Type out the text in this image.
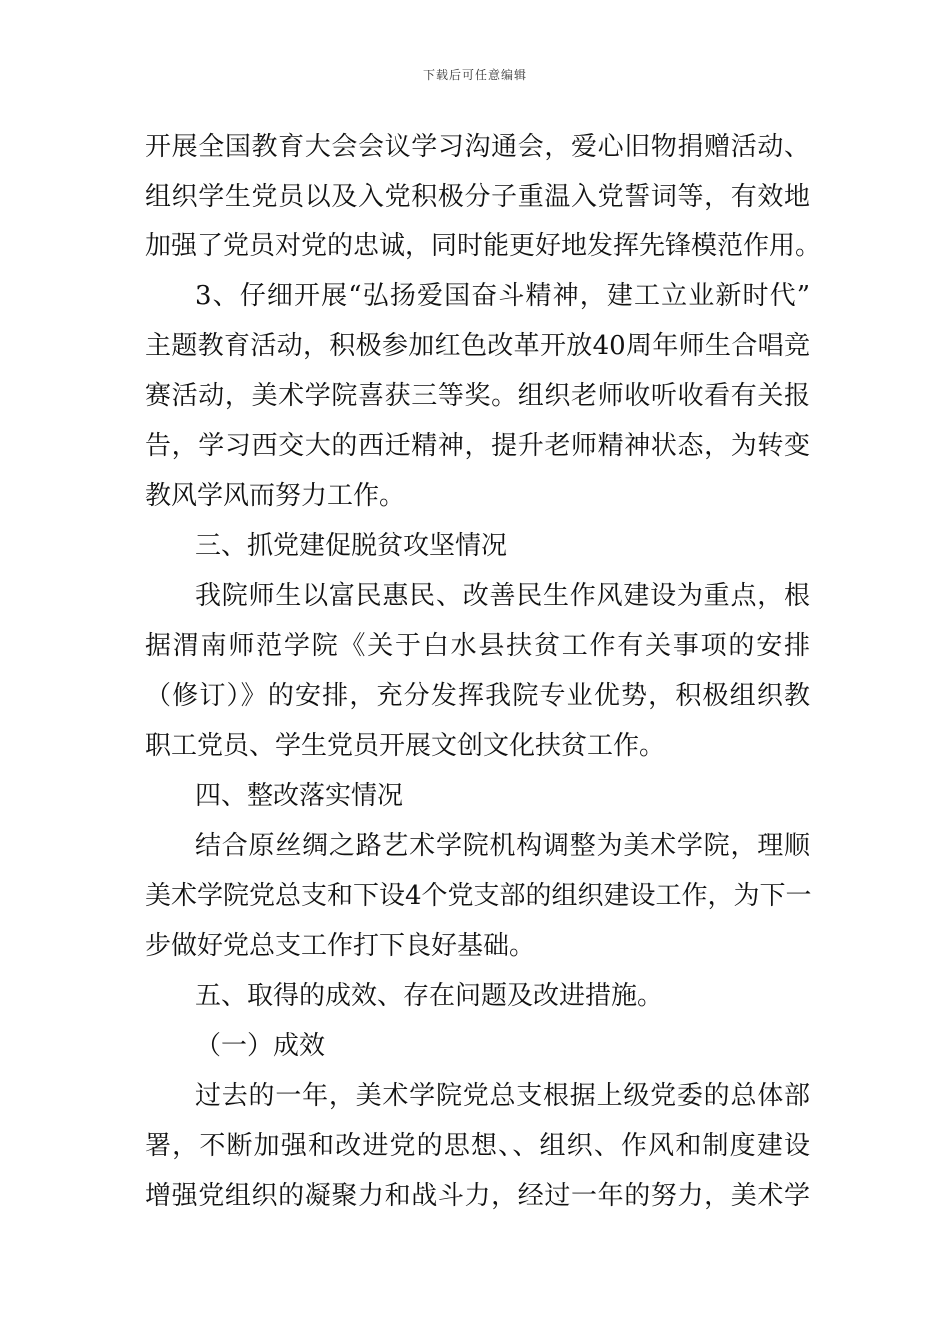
下载后可任意编辑
开展全国教育大会会议学习沟通会，爱心旧物捐赠活动、
组织学生党员以及入党积极分子重温入党誓词等，有效地
加强了党员对党的忠诚，同时能更好地发挥先锋模范作用。
3、仔细开展“弘扬爱国奋斗精神，建工立业新时代”
主题教育活动，积极参加红色改革开放40周年师生合唱竞
赛活动，美术学院喜获三等奖。组织老师收听收看有关报
告，学习西交大的西迁精神，提升老师精神状态，为转变
教风学风而努力工作。
三、抓党建促脱贫攻坚情况
我院师生以富民惠民、改善民生作风建设为重点，根
据渭南师范学院《关于白水县扶贫工作有关事项的安排
（修订）》的安排，充分发挥我院专业优势，积极组织教
职工党员、学生党员开展文创文化扶贫工作。
四、整改落实情况
结合原丝绸之路艺术学院机构调整为美术学院，理顺
美术学院党总支和下设4个党支部的组织建设工作，为下一
步做好党总支工作打下良好基础。
五、取得的成效、存在问题及改进措施。
（一）成效
过去的一年，美术学院党总支根据上级党委的总体部
署，不断加强和改进党的思想、、组织、作风和制度建设
增强党组织的凝聚力和战斗力，经过一年的努力，美术学
